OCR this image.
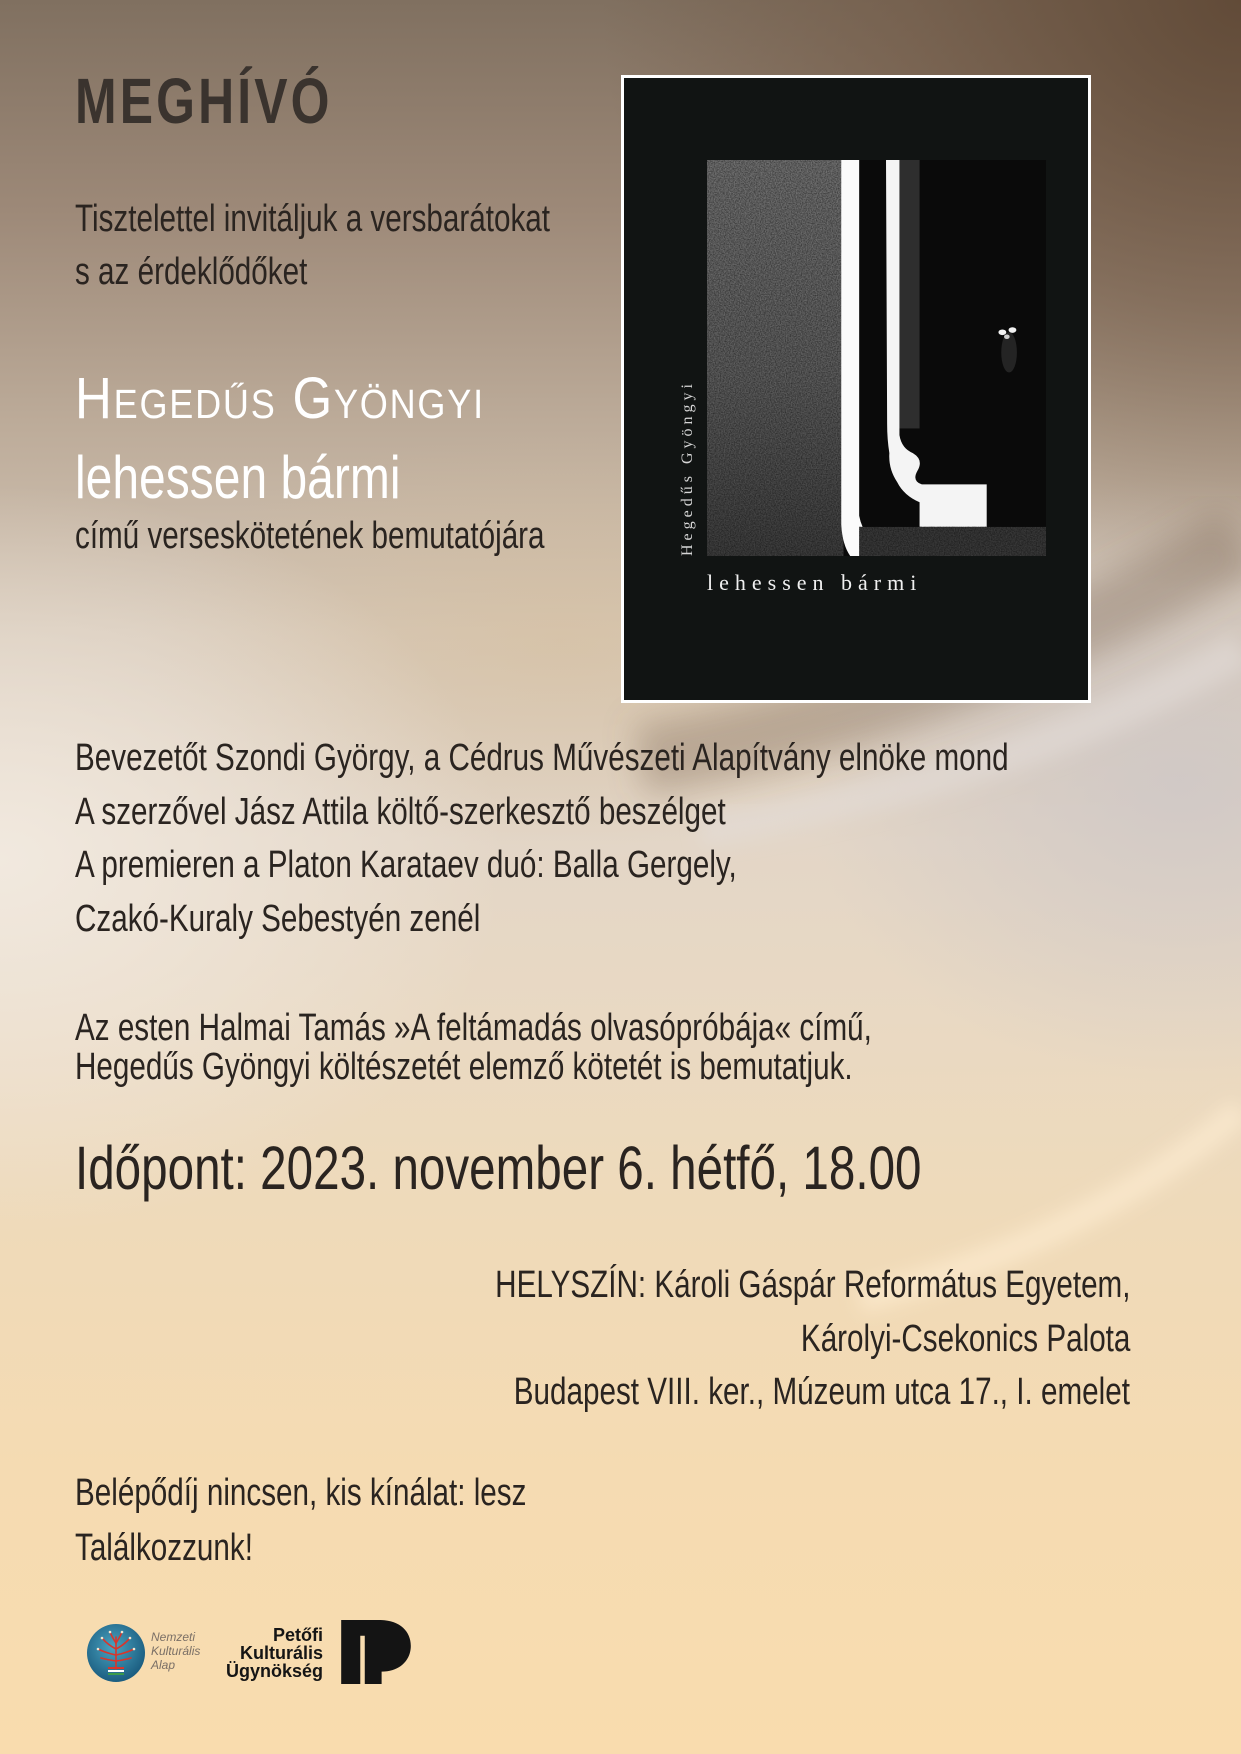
MEGHÍVÓ
Tisztelettel invitáljuk a versbarátokat
s az érdeklődőket
Hegedűs Gyöngyi
lehessen bármi
című verseskötetének bemutatójára	Hegedűs Gyöngyi
lehessen bármi
Bevezetőt Szondi György, a Cédrus Művészeti Alapítvány elnöke mond
A szerzővel Jász Attila költő-szerkesztő beszélget
A premieren a Platon Karataev duó: Balla Gergely,
Czakó-Kuraly Sebestyén zenél
Az esten Halmai Tamás »A feltámadás olvasópróbája« című,
Hegedűs Gyöngyi költészetét elemző kötetét is bemutatjuk.
Időpont: 2023. november 6. hétfő, 18.00
HELYSZÍN: Károli Gáspár Református Egyetem,
Károlyi-Csekonics Palota
Budapest VIII. ker., Múzeum utca 17., I. emelet
Belépődíj nincsen, kis kínálat: lesz
Találkozzunk!
Nemzeti
Kulturális
Alap
Petőfi
Kulturális
Ügynökség
